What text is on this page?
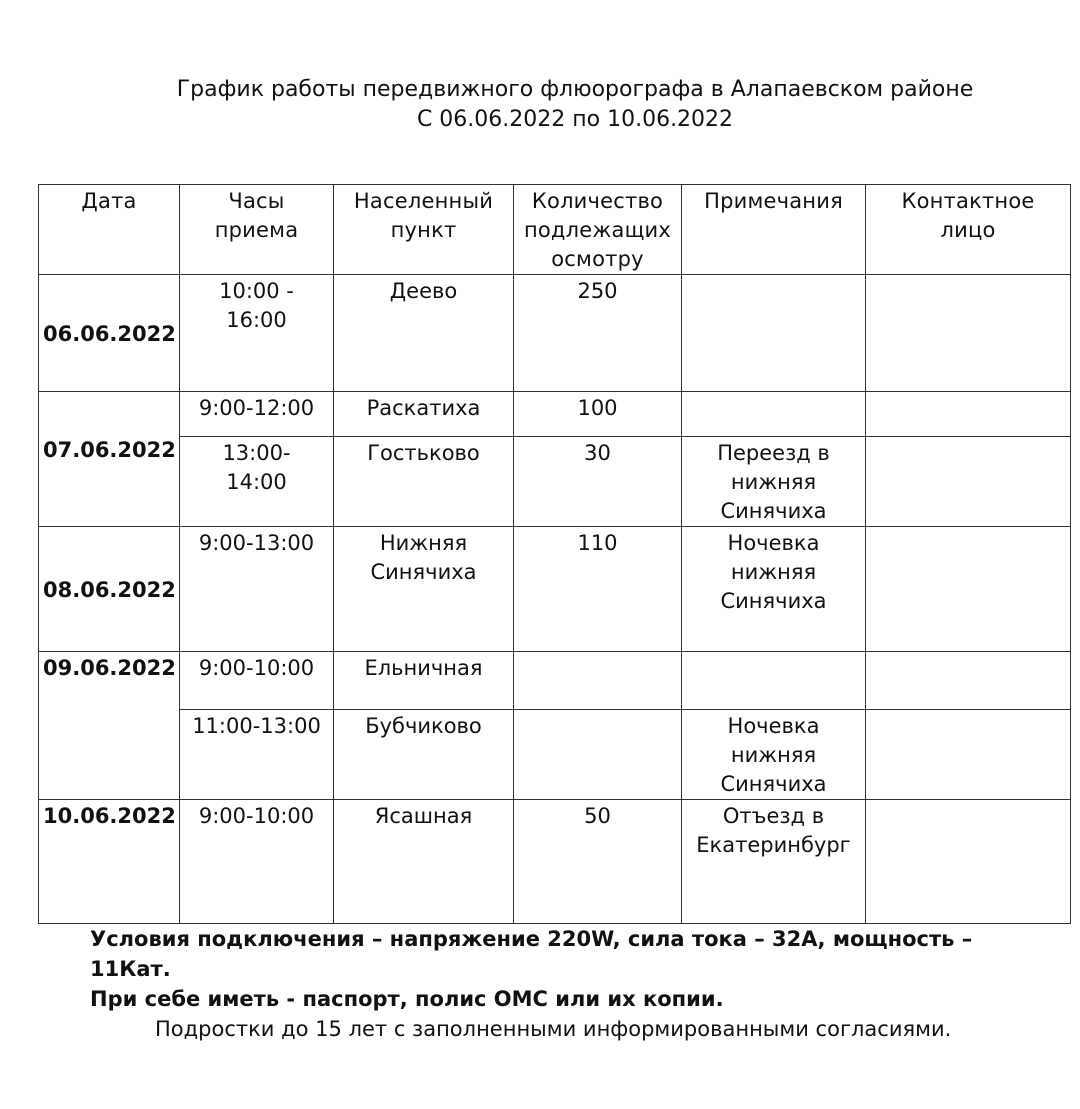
График работы передвижного флюорографа в Алапаевском районе
С 06.06.2022 по 10.06.2022
Дата	Часы приема	Населенный пункт	Количество подлежащих осмотру	Примечания	Контактное лицо
06.06.2022	10:00 - 16:00	Деево	250		
07.06.2022	9:00-12:00	Раскатиха	100		
	13:00-14:00	Гостьково	30	Переезд в нижняя Синячиха	
08.06.2022	9:00-13:00	Нижняя Синячиха	110	Ночевка нижняя Синячиха	
09.06.2022	9:00-10:00	Ельничная			
	11:00-13:00	Бубчиково		Ночевка нижняя Синячиха	
10.06.2022	9:00-10:00	Ясашная	50	Отъезд в Екатеринбург	
Условия подключения – напряжение 220W, сила тока – 32А, мощность – 11Кат.
При себе иметь - паспорт, полис ОМС или их копии.
Подростки до 15 лет с заполненными информированными согласиями.
